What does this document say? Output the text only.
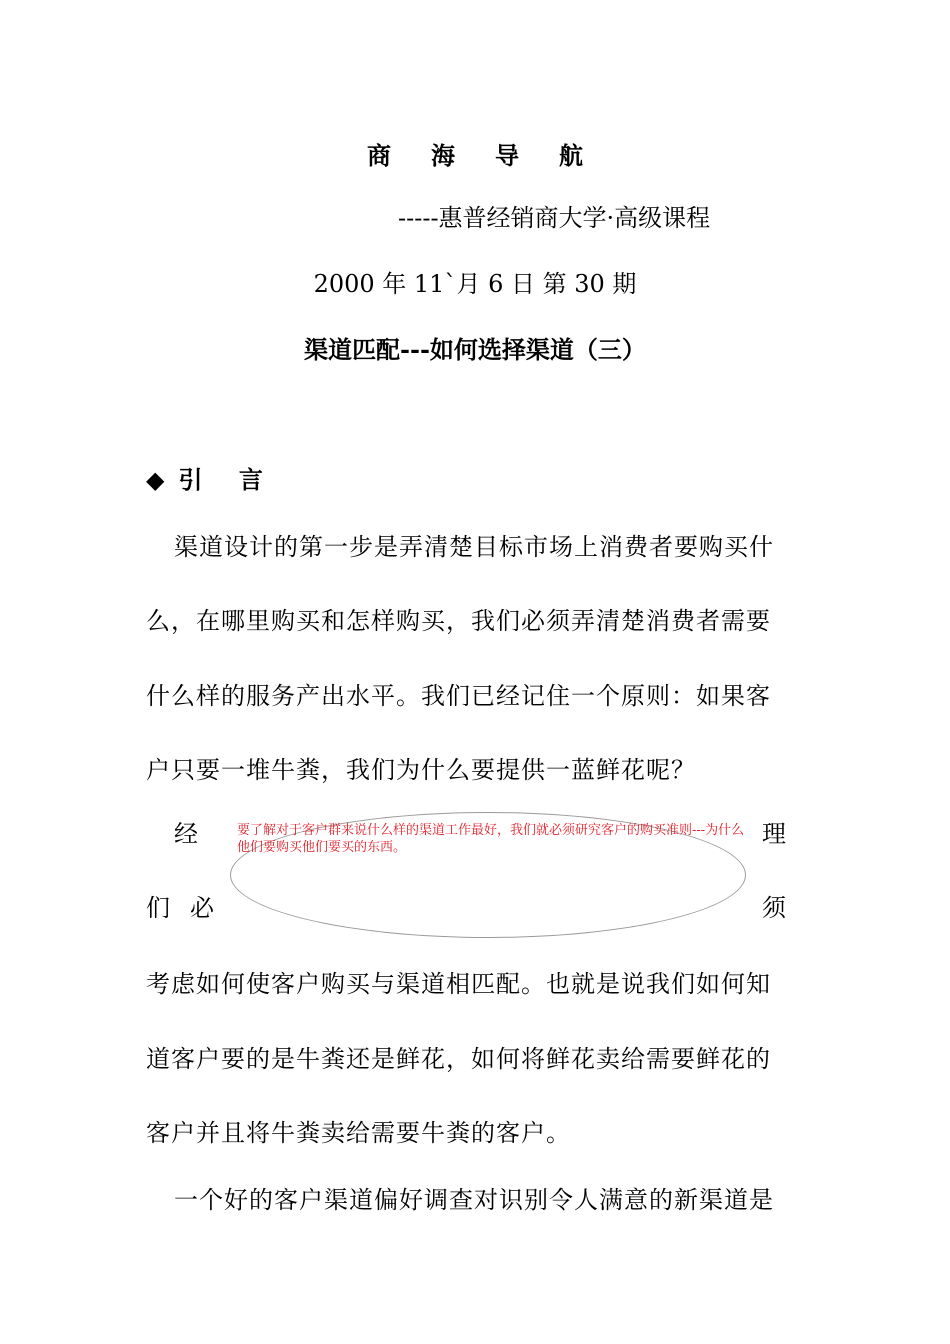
商 海 导 航
-----惠普经销商大学·高级课程
2000 年 11`月 6 日 第 30 期
渠道匹配---如何选择渠道（三）
◆ 引 言
渠道设计的第一步是弄清楚目标市场上消费者要购买什
么，在哪里购买和怎样购买，我们必须弄清楚消费者需要
什么样的服务产出水平。我们已经记住一个原则：如果客
户只要一堆牛粪，我们为什么要提供一蓝鲜花呢？
经	理
们 必	须
要了解对于客户群来说什么样的渠道工作最好，我们就必须研究客户的购买准则---为什么他们要购买他们要买的东西。
考虑如何使客户购买与渠道相匹配。也就是说我们如何知
道客户要的是牛粪还是鲜花，如何将鲜花卖给需要鲜花的
客户并且将牛粪卖给需要牛粪的客户。
一个好的客户渠道偏好调查对识别令人满意的新渠道是
